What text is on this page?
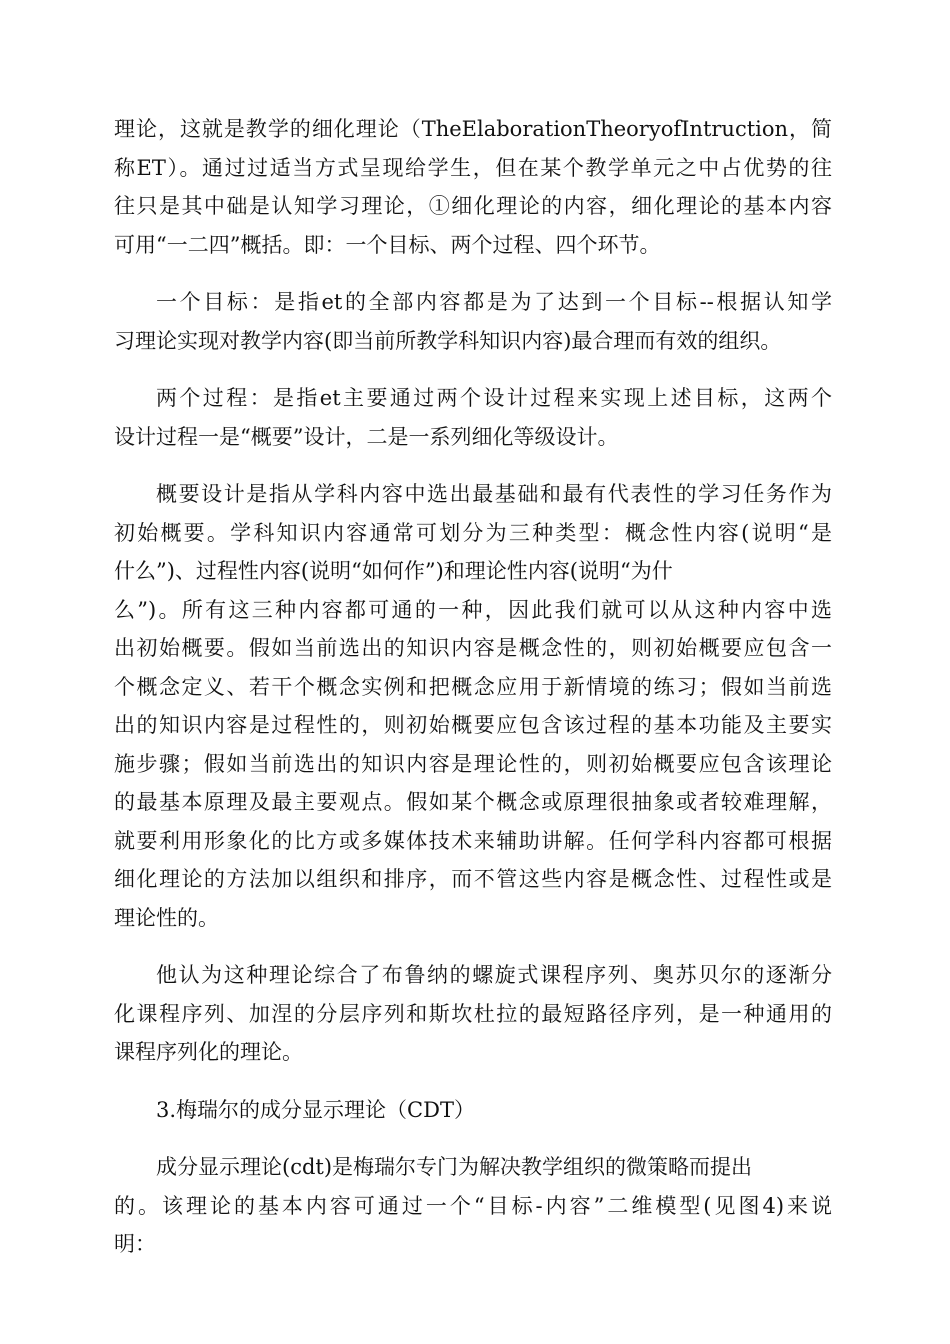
理论，这就是教学的细化理论（TheElaborationTheoryofIntruction，简
称ET）。通过过适当方式呈现给学生，但在某个教学单元之中占优势的往
往只是其中础是认知学习理论，①细化理论的内容，细化理论的基本内容
可用“一二四”概括。即：一个目标、两个过程、四个环节。

一个目标：是指et的全部内容都是为了达到一个目标--根据认知学
习理论实现对教学内容(即当前所教学科知识内容)最合理而有效的组织。

两个过程：是指et主要通过两个设计过程来实现上述目标，这两个
设计过程一是“概要”设计，二是一系列细化等级设计。

概要设计是指从学科内容中选出最基础和最有代表性的学习任务作为
初始概要。学科知识内容通常可划分为三种类型：概念性内容(说明“是
什么”)、过程性内容(说明“如何作”)和理论性内容(说明“为什
么”)。所有这三种内容都可通的一种，因此我们就可以从这种内容中选
出初始概要。假如当前选出的知识内容是概念性的，则初始概要应包含一
个概念定义、若干个概念实例和把概念应用于新情境的练习；假如当前选
出的知识内容是过程性的，则初始概要应包含该过程的基本功能及主要实
施步骤；假如当前选出的知识内容是理论性的，则初始概要应包含该理论
的最基本原理及最主要观点。假如某个概念或原理很抽象或者较难理解，
就要利用形象化的比方或多媒体技术来辅助讲解。任何学科内容都可根据
细化理论的方法加以组织和排序，而不管这些内容是概念性、过程性或是
理论性的。

他认为这种理论综合了布鲁纳的螺旋式课程序列、奥苏贝尔的逐渐分
化课程序列、加涅的分层序列和斯坎杜拉的最短路径序列，是一种通用的
课程序列化的理论。

3.梅瑞尔的成分显示理论（CDT）

成分显示理论(cdt)是梅瑞尔专门为解决教学组织的微策略而提出
的。该理论的基本内容可通过一个“目标-内容”二维模型(见图4)来说
明：
